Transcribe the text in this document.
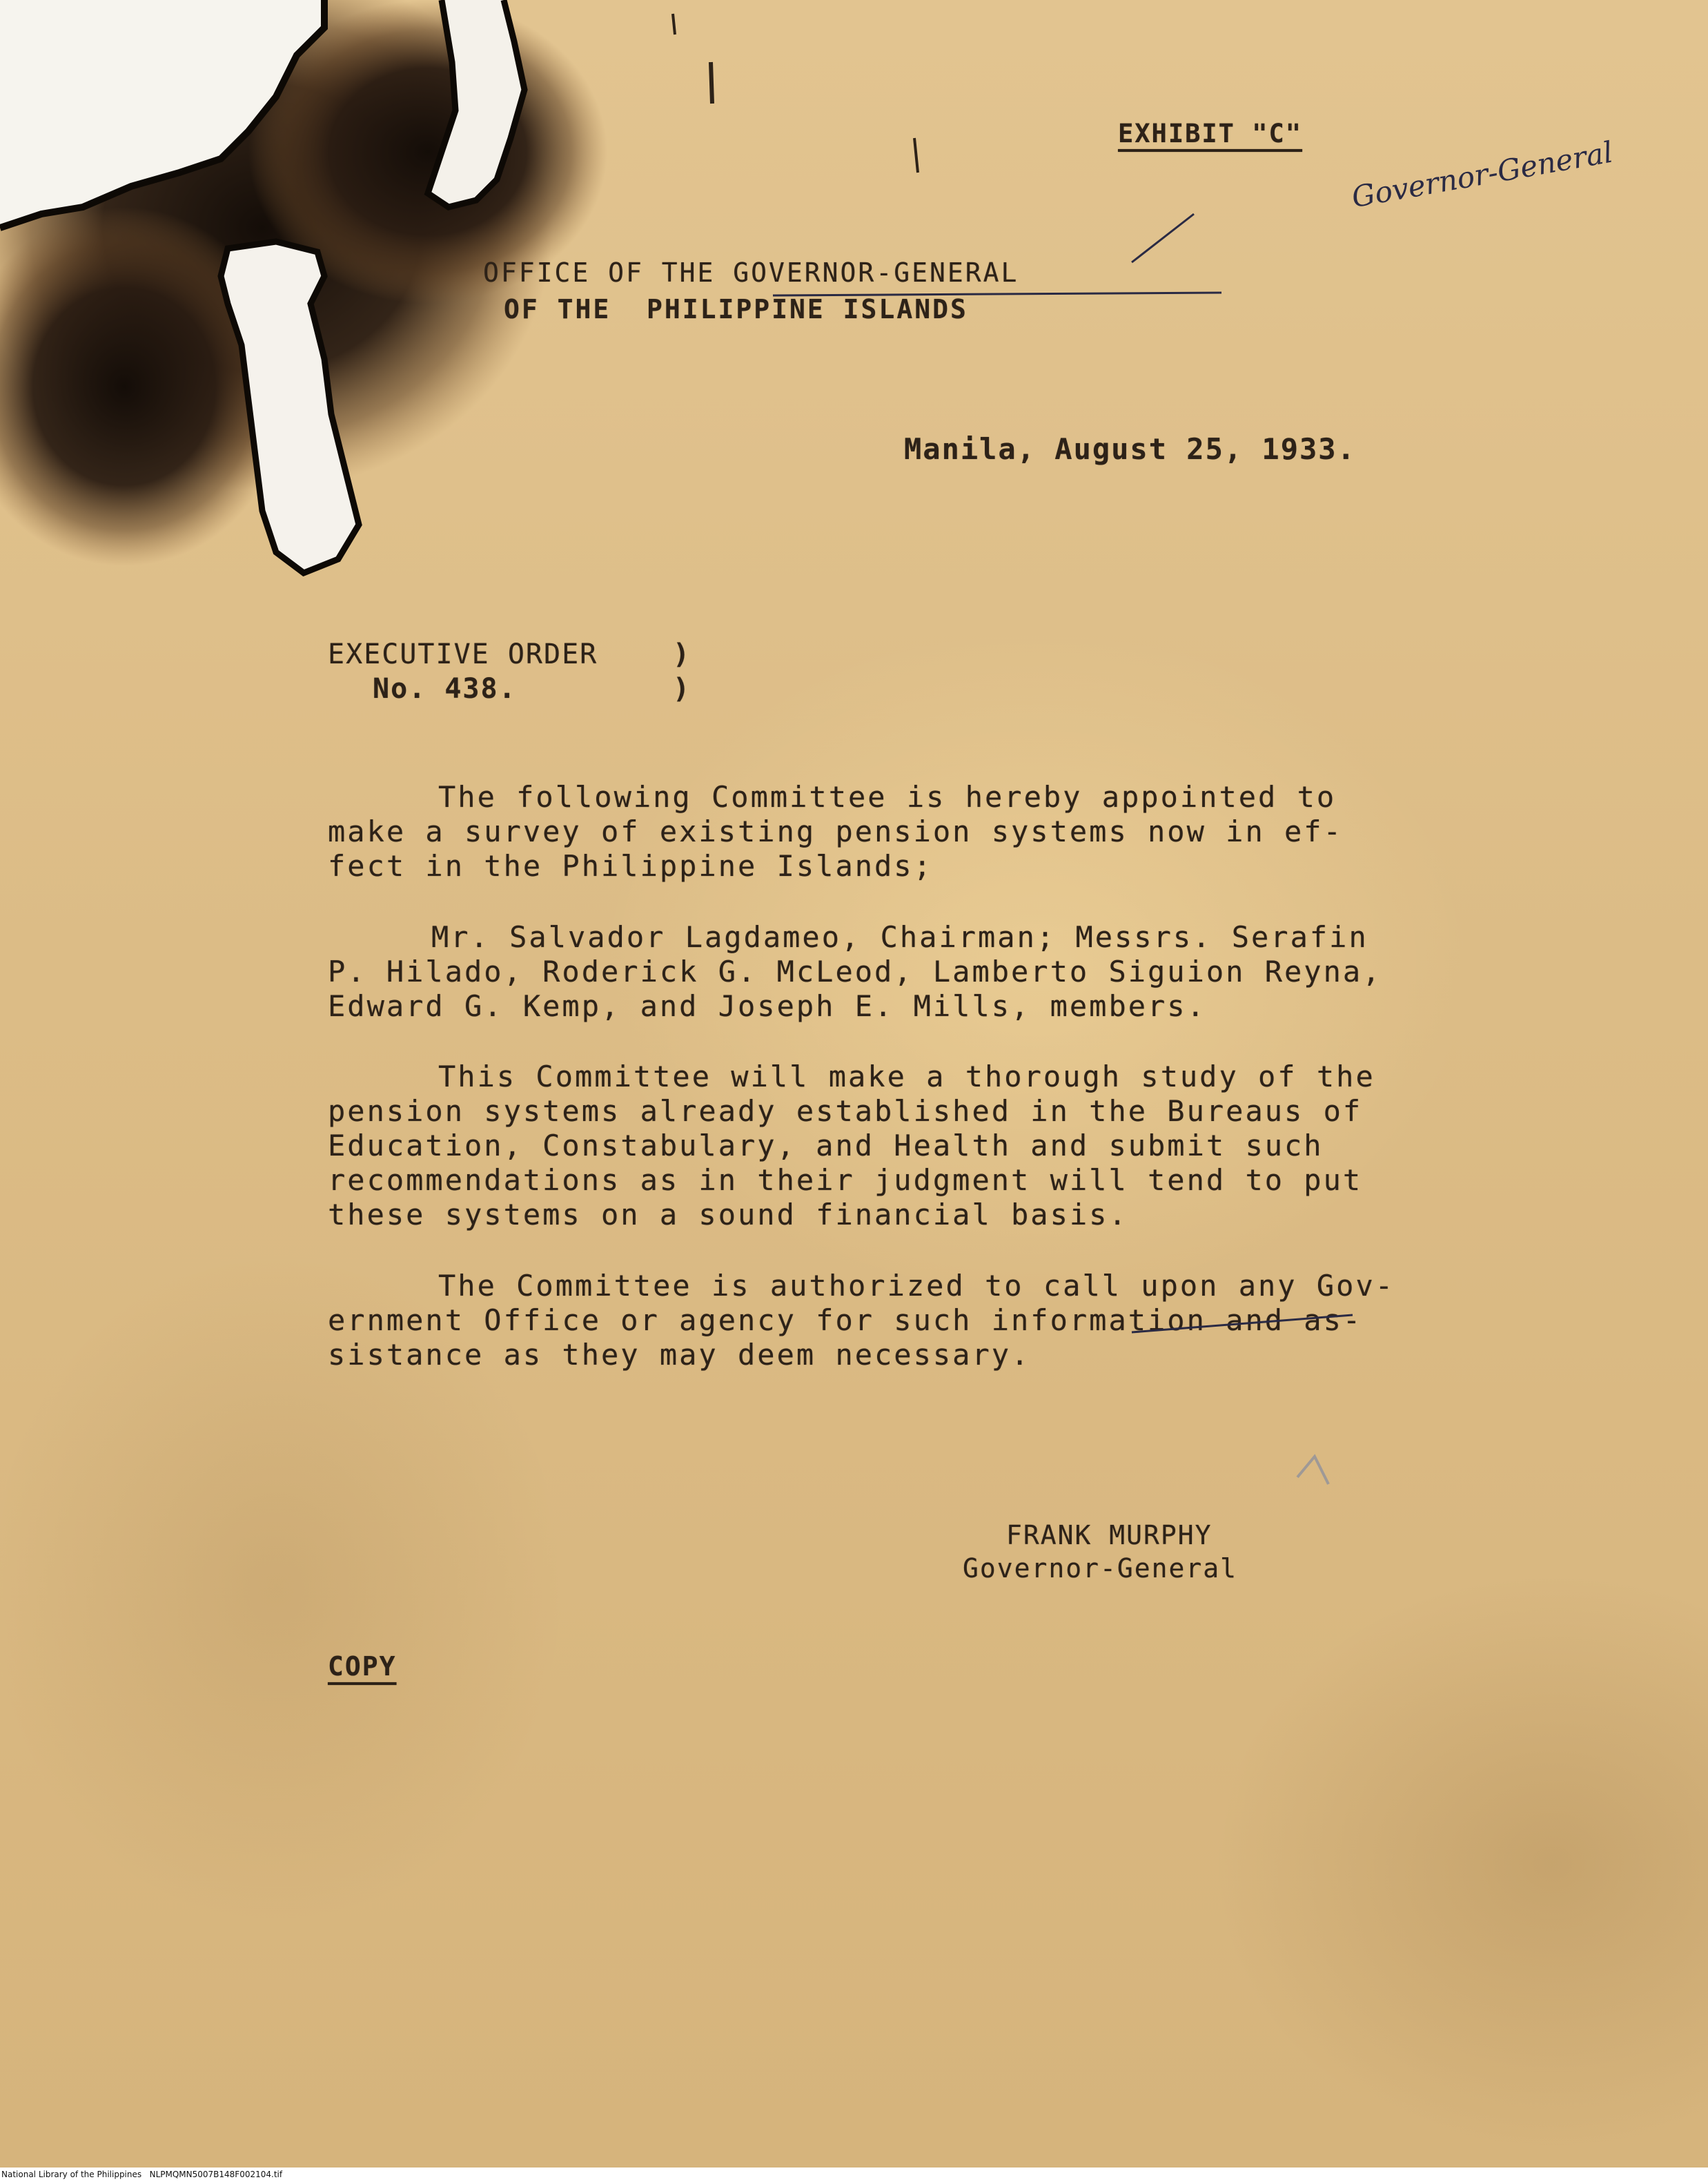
EXHIBIT "C"

Governor-General

OFFICE OF THE GOVERNOR-GENERAL

OF THE  PHILIPPINE ISLANDS

Manila, August 25, 1933.

EXECUTIVE ORDER	)

No. 438.	)

The following Committee is hereby appointed to

make a survey of existing pension systems now in ef-

fect in the Philippine Islands;

Mr. Salvador Lagdameo, Chairman; Messrs. Serafin

P. Hilado, Roderick G. McLeod, Lamberto Siguion Reyna,

Edward G. Kemp, and Joseph E. Mills, members.

This Committee will make a thorough study of the

pension systems already established in the Bureaus of

Education, Constabulary, and Health and submit such

recommendations as in their judgment will tend to put

these systems on a sound financial basis.

The Committee is authorized to call upon any Gov-

ernment Office or agency for such information and as-

sistance as they may deem necessary.

FRANK MURPHY

Governor-General

COPY

National Library of the Philippines NLPMQMN5007B148F002104.tif
